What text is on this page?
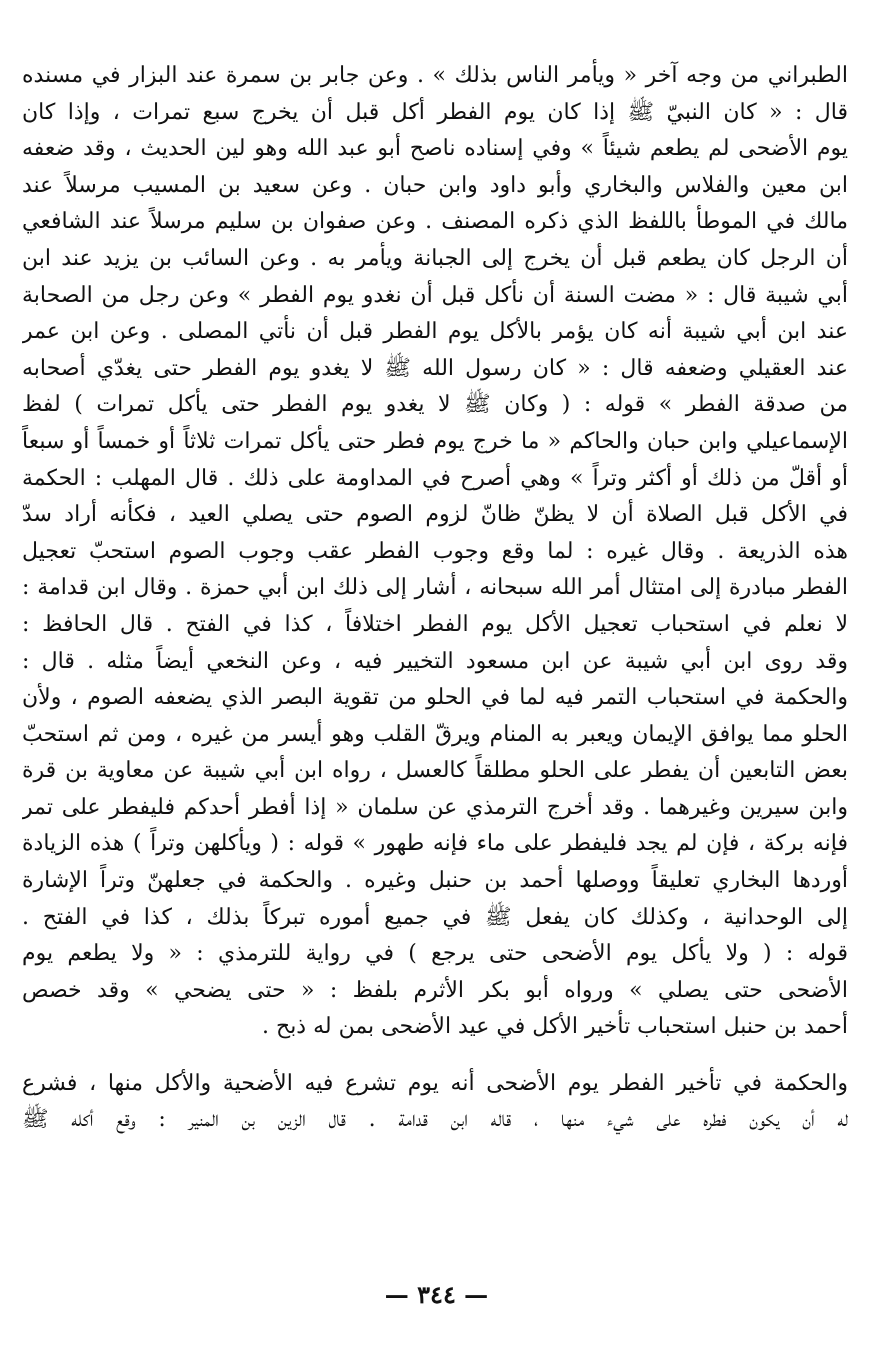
الطبراني من وجه آخر « ويأمر الناس بذلك » . وعن جابر بن سمرة عند البزار في مسنده
قال : « كان النبيّ ﷺ إذا كان يوم الفطر أكل قبل أن يخرج سبع تمرات ، وإذا كان
يوم الأضحى لم يطعم شيئاً » وفي إسناده ناصح أبو عبد الله وهو لين الحديث ، وقد ضعفه
ابن معين والفلاس والبخاري وأبو داود وابن حبان . وعن سعيد بن المسيب مرسلاً عند
مالك في الموطأ باللفظ الذي ذكره المصنف . وعن صفوان بن سليم مرسلاً عند الشافعي
أن الرجل كان يطعم قبل أن يخرج إلى الجبانة ويأمر به . وعن السائب بن يزيد عند ابن
أبي شيبة قال : « مضت السنة أن نأكل قبل أن نغدو يوم الفطر » وعن رجل من الصحابة
عند ابن أبي شيبة أنه كان يؤمر بالأكل يوم الفطر قبل أن نأتي المصلى . وعن ابن عمر
عند العقيلي وضعفه قال : « كان رسول الله ﷺ لا يغدو يوم الفطر حتى يغدّي أصحابه
من صدقة الفطر » قوله : ( وكان ﷺ لا يغدو يوم الفطر حتى يأكل تمرات ) لفظ
الإسماعيلي وابن حبان والحاكم « ما خرج يوم فطر حتى يأكل تمرات ثلاثاً أو خمساً أو سبعاً
أو أقلّ من ذلك أو أكثر وتراً » وهي أصرح في المداومة على ذلك . قال المهلب : الحكمة
في الأكل قبل الصلاة أن لا يظنّ ظانّ لزوم الصوم حتى يصلي العيد ، فكأنه أراد سدّ
هذه الذريعة . وقال غيره : لما وقع وجوب الفطر عقب وجوب الصوم استحبّ تعجيل
الفطر مبادرة إلى امتثال أمر الله سبحانه ، أشار إلى ذلك ابن أبي حمزة . وقال ابن قدامة :
لا نعلم في استحباب تعجيل الأكل يوم الفطر اختلافاً ، كذا في الفتح . قال الحافظ :
وقد روى ابن أبي شيبة عن ابن مسعود التخيير فيه ، وعن النخعي أيضاً مثله . قال :
والحكمة في استحباب التمر فيه لما في الحلو من تقوية البصر الذي يضعفه الصوم ، ولأن
الحلو مما يوافق الإيمان ويعبر به المنام ويرقّ القلب وهو أيسر من غيره ، ومن ثم استحبّ
بعض التابعين أن يفطر على الحلو مطلقاً كالعسل ، رواه ابن أبي شيبة عن معاوية بن قرة
وابن سيرين وغيرهما . وقد أخرج الترمذي عن سلمان « إذا أفطر أحدكم فليفطر على تمر
فإنه بركة ، فإن لم يجد فليفطر على ماء فإنه طهور » قوله : ( ويأكلهن وتراً ) هذه الزيادة
أوردها البخاري تعليقاً ووصلها أحمد بن حنبل وغيره . والحكمة في جعلهنّ وتراً الإشارة
إلى الوحدانية ، وكذلك كان يفعل ﷺ في جميع أموره تبركاً بذلك ، كذا في الفتح .
قوله : ( ولا يأكل يوم الأضحى حتى يرجع ) في رواية للترمذي : « ولا يطعم يوم
الأضحى حتى يصلي » ورواه أبو بكر الأثرم بلفظ : « حتى يضحي » وقد خصص
أحمد بن حنبل استحباب تأخير الأكل في عيد الأضحى بمن له ذبح .
والحكمة في تأخير الفطر يوم الأضحى أنه يوم تشرع فيه الأضحية والأكل منها ، فشرع
له أن يكون فطره على شيء منها ، قاله ابن قدامة . قال الزين بن المنير : وقع أكله ﷺ
— ٣٤٤ —
